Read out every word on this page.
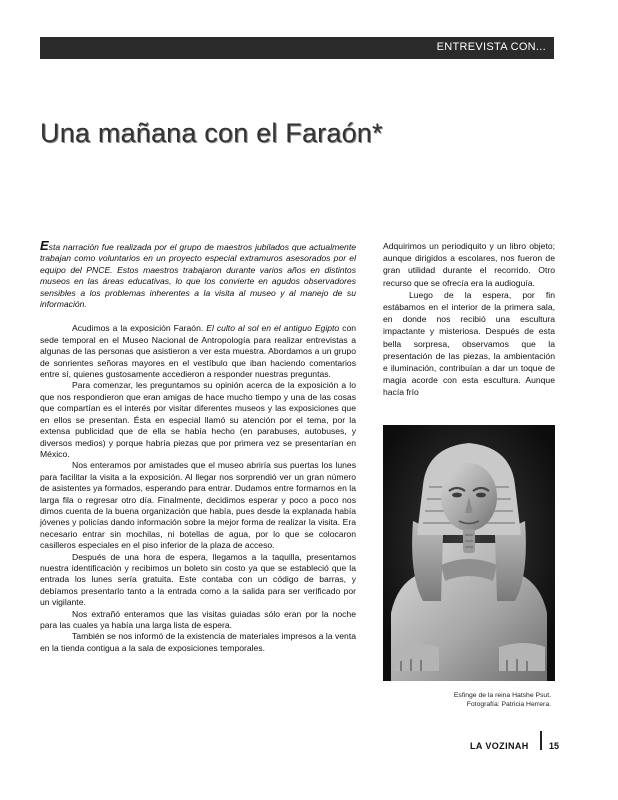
ENTREVISTA CON...
Una mañana con el Faraón*

Esta narración fue realizada por el grupo de maestros jubilados que actualmente trabajan como voluntarios en un proyecto especial extramuros asesorados por el equipo del PNCE. Estos maestros trabajaron durante varios años en distintos museos en las áreas educativas, lo que los convierte en agudos observadores sensibles a los problemas inherentes a la visita al museo y al manejo de su información.

Acudimos a la exposición Faraón. El culto al sol en el antiguo Egipto con sede temporal en el Museo Nacional de Antropología para realizar entrevistas a algunas de las personas que asistieron a ver esta muestra. Abordamos a un grupo de sonrientes señoras mayores en el vestíbulo que iban haciendo comentarios entre sí, quienes gustosamente accedieron a responder nuestras preguntas.

Para comenzar, les preguntamos su opinión acerca de la exposición a lo que nos respondieron que eran amigas de hace mucho tiempo y una de las cosas que compartían es el interés por visitar diferentes museos y las exposiciones que en ellos se presentan. Ésta en especial llamó su atención por el tema, por la extensa publicidad que de ella se había hecho (en parabuses, autobuses, y diversos medios) y porque habría piezas que por primera vez se presentarían en México.

Nos enteramos por amistades que el museo abriría sus puertas los lunes para facilitar la visita a la exposición. Al llegar nos sorprendió ver un gran número de asistentes ya formados, esperando para entrar. Dudamos entre formarnos en la larga fila o regresar otro día. Finalmente, decidimos esperar y poco a poco nos dimos cuenta de la buena organización que había, pues desde la explanada había jóvenes y policías dando información sobre la mejor forma de realizar la visita. Era necesario entrar sin mochilas, ni botellas de agua, por lo que se colocaron casilleros especiales en el piso inferior de la plaza de acceso.

Después de una hora de espera, llegamos a la taquilla, presentamos nuestra identificación y recibimos un boleto sin costo ya que se estableció que la entrada los lunes sería gratuita. Este contaba con un código de barras, y debíamos presentarlo tanto a la entrada como a la salida para ser verificado por un vigilante.

Nos extrañó enteramos que las visitas guiadas sólo eran por la noche para las cuales ya había una larga lista de espera.

También se nos informó de la existencia de materiales impresos a la venta en la tienda contigua a la sala de exposiciones temporales.

Adquirimos un periodiquito y un libro objeto; aunque dirigidos a escolares, nos fueron de gran utilidad durante el recorrido. Otro recurso que se ofrecía era la audioguía.

Luego de la espera, por fin estábamos en el interior de la primera sala, en donde nos recibió una escultura impactante y misteriosa. Después de esta bella sorpresa, observamos que la presentación de las piezas, la ambientación e iluminación, contribuían a dar un toque de magia acorde con esta escultura. Aunque hacía frío

Esfinge de la reina Hatshe Psut.
Fotografía: Patricia Herrera.
LA VOZINAH 15
